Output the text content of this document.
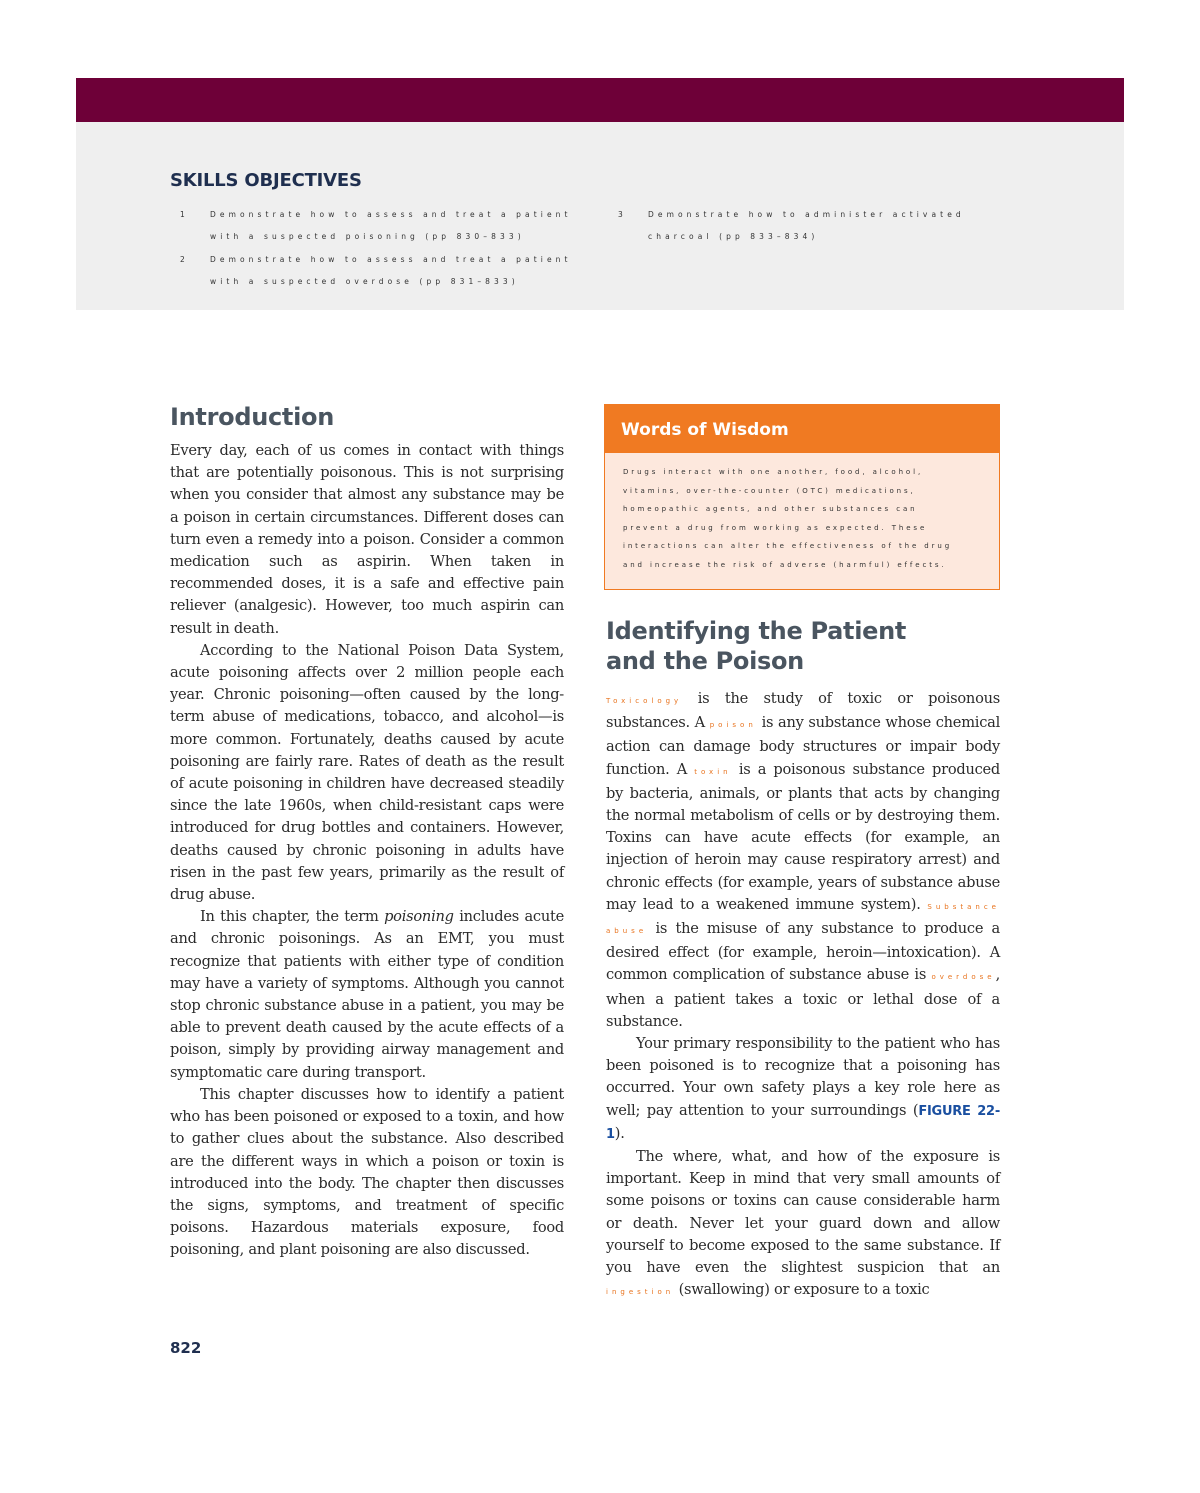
SKILLS OBJECTIVES
1	Demonstrate how to assess and treat a patient
with a suspected poisoning (pp 830–833)
2	Demonstrate how to assess and treat a patient
with a suspected overdose (pp 831–833)
3	Demonstrate how to administer activated
charcoal (pp 833–834)
Introduction

Every day, each of us comes in contact with things that are potentially poisonous. This is not surprising when you consider that almost any substance may be a poison in certain circumstances. Different doses can turn even a remedy into a poison. Consider a common medication such as aspirin. When taken in recommended doses, it is a safe and effective pain reliever (analgesic). However, too much aspirin can result in death.

According to the National Poison Data System, acute poisoning affects over 2 million people each year. Chronic poisoning—often caused by the long-term abuse of medications, tobacco, and alcohol—is more common. Fortunately, deaths caused by acute poisoning are fairly rare. Rates of death as the result of acute poisoning in children have decreased steadily since the late 1960s, when child-resistant caps were introduced for drug bottles and containers. However, deaths caused by chronic poisoning in adults have risen in the past few years, primarily as the result of drug abuse.

In this chapter, the term poisoning includes acute and chronic poisonings. As an EMT, you must recognize that patients with either type of condition may have a variety of symptoms. Although you cannot stop chronic substance abuse in a patient, you may be able to prevent death caused by the acute effects of a poison, simply by providing airway management and symptomatic care during transport.

This chapter discusses how to identify a patient who has been poisoned or exposed to a toxin, and how to gather clues about the substance. Also described are the different ways in which a poison or toxin is introduced into the body. The chapter then discusses the signs, symptoms, and treatment of specific poisons. Hazardous materials exposure, food poisoning, and plant poisoning are also discussed.

Words of Wisdom
Drugs interact with one another, food, alcohol,
vitamins, over-the-counter (OTC) medications,
homeopathic agents, and other substances can
prevent a drug from working as expected. These
interactions can alter the effectiveness of the drug
and increase the risk of adverse (harmful) effects.
Identifying the Patient
and the Poison

Toxicology is the study of toxic or poisonous substances. A poison is any substance whose chemical action can damage body structures or impair body function. A toxin is a poisonous substance produced by bacteria, animals, or plants that acts by changing the normal metabolism of cells or by destroying them. Toxins can have acute effects (for example, an injection of heroin may cause respiratory arrest) and chronic effects (for example, years of substance abuse may lead to a weakened immune system). Substance abuse is the misuse of any substance to produce a desired effect (for example, heroin—intoxication). A common complication of substance abuse is overdose, when a patient takes a toxic or lethal dose of a substance.

Your primary responsibility to the patient who has been poisoned is to recognize that a poisoning has occurred. Your own safety plays a key role here as well; pay attention to your surroundings (FIGURE 22-1).

The where, what, and how of the exposure is important. Keep in mind that very small amounts of some poisons or toxins can cause considerable harm or death. Never let your guard down and allow yourself to become exposed to the same substance. If you have even the slightest suspicion that an ingestion (swallowing) or exposure to a toxic

822
